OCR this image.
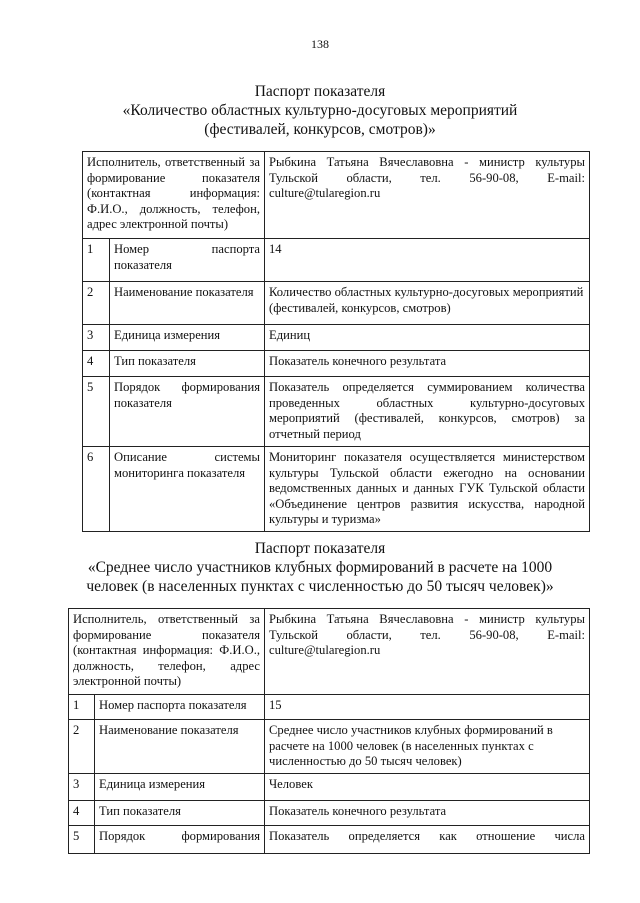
138
Паспорт показателя
«Количество областных культурно-досуговых мероприятий
(фестивалей, конкурсов, смотров)»
Исполнитель, ответственный за формирование показателя (контактная информация: Ф.И.О., должность, телефон, адрес электронной почты)		Рыбкина Татьяна Вячеславовна - министр культуры Тульской области, тел. 56-90-08, E-mail: culture@tularegion.ru
1	Номер паспорта показателя	14
2	Наименование показателя	Количество областных культурно-досуговых мероприятий (фестивалей, конкурсов, смотров)
3	Единица измерения	Единиц
4	Тип показателя	Показатель конечного результата
5	Порядок формирования показателя	Показатель определяется суммированием количества проведенных областных культурно-досуговых мероприятий (фестивалей, конкурсов, смотров) за отчетный период
6	Описание системы мониторинга показателя	Мониторинг показателя осуществляется министерством культуры Тульской области ежегодно на основании ведомственных данных и данных ГУК Тульской области «Объединение центров развития искусства, народной культуры и туризма»
Паспорт показателя
«Среднее число участников клубных формирований в расчете на 1000
человек (в населенных пунктах с численностью до 50 тысяч человек)»
Исполнитель, ответственный за формирование показателя (контактная информация: Ф.И.О., должность, телефон, адрес электронной почты)		Рыбкина Татьяна Вячеславовна - министр культуры Тульской области, тел. 56-90-08, E-mail: culture@tularegion.ru
1	Номер паспорта показателя	15
2	Наименование показателя	Среднее число участников клубных формирований в расчете на 1000 человек (в населенных пунктах с численностью до 50 тысяч человек)
3	Единица измерения	Человек
4	Тип показателя	Показатель конечного результата
5	Порядок формирования	Показатель определяется как отношение числа
